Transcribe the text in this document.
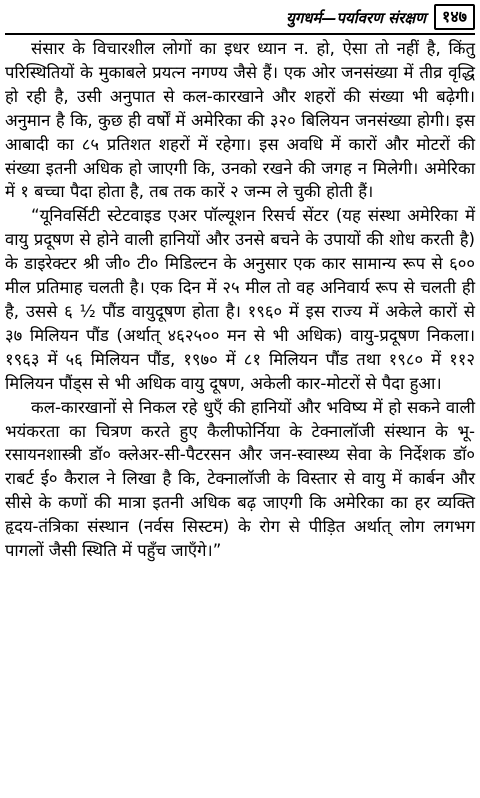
युगधर्म—पर्यावरण संरक्षण	१४७

संसार के विचारशील लोगों का इधर ध्यान न. हो, ऐसा तो नहीं है, किंतु परिस्थितियों के मुकाबले प्रयत्न नगण्य जैसे हैं। एक ओर जनसंख्या में तीव्र वृद्धि हो रही है, उसी अनुपात से कल-कारखाने और शहरों की संख्या भी बढ़ेगी। अनुमान है कि, कुछ ही वर्षों में अमेरिका की ३२० बिलियन जनसंख्या होगी। इस आबादी का ८५ प्रतिशत शहरों में रहेगा। इस अवधि में कारों और मोटरों की संख्या इतनी अधिक हो जाएगी कि, उनको रखने की जगह न मिलेगी। अमेरिका में १ बच्चा पैदा होता है, तब तक कारें २ जन्म ले चुकी होती हैं।

“यूनिवर्सिटी स्टेटवाइड एअर पॉल्यूशन रिसर्च सेंटर (यह संस्था अमेरिका में वायु प्रदूषण से होने वाली हानियों और उनसे बचने के उपायों की शोध करती है) के डाइरेक्टर श्री जी० टी० मिडिल्टन के अनुसार एक कार सामान्य रूप से ६०० मील प्रतिमाह चलती है। एक दिन में २५ मील तो वह अनिवार्य रूप से चलती ही है, उससे ६ ½ पौंड वायुदूषण होता है। १९६० में इस राज्य में अकेले कारों से ३७ मिलियन पौंड (अर्थात् ४६२५०० मन से भी अधिक) वायु-प्रदूषण निकला। १९६३ में ५६ मिलियन पौंड, १९७० में ८१ मिलियन पौंड तथा १९८० में ११२ मिलियन पौंड्स से भी अधिक वायु दूषण, अकेली कार-मोटरों से पैदा हुआ।

कल-कारखानों से निकल रहे धुएँ की हानियों और भविष्य में हो सकने वाली भयंकरता का चित्रण करते हुए कैलीफोर्निया के टेक्नालॉजी संस्थान के भू-रसायनशास्त्री डॉ० क्लेअर-सी-पैटरसन और जन-स्वास्थ्य सेवा के निर्देशक डॉ० राबर्ट ई० कैराल ने लिखा है कि, टेक्नालॉजी के विस्तार से वायु में कार्बन और सीसे के कणों की मात्रा इतनी अधिक बढ़ जाएगी कि अमेरिका का हर व्यक्ति हृदय-तंत्रिका संस्थान (नर्वस सिस्टम) के रोग से पीड़ित अर्थात् लोग लगभग पागलों जैसी स्थिति में पहुँच जाएँगे।”
